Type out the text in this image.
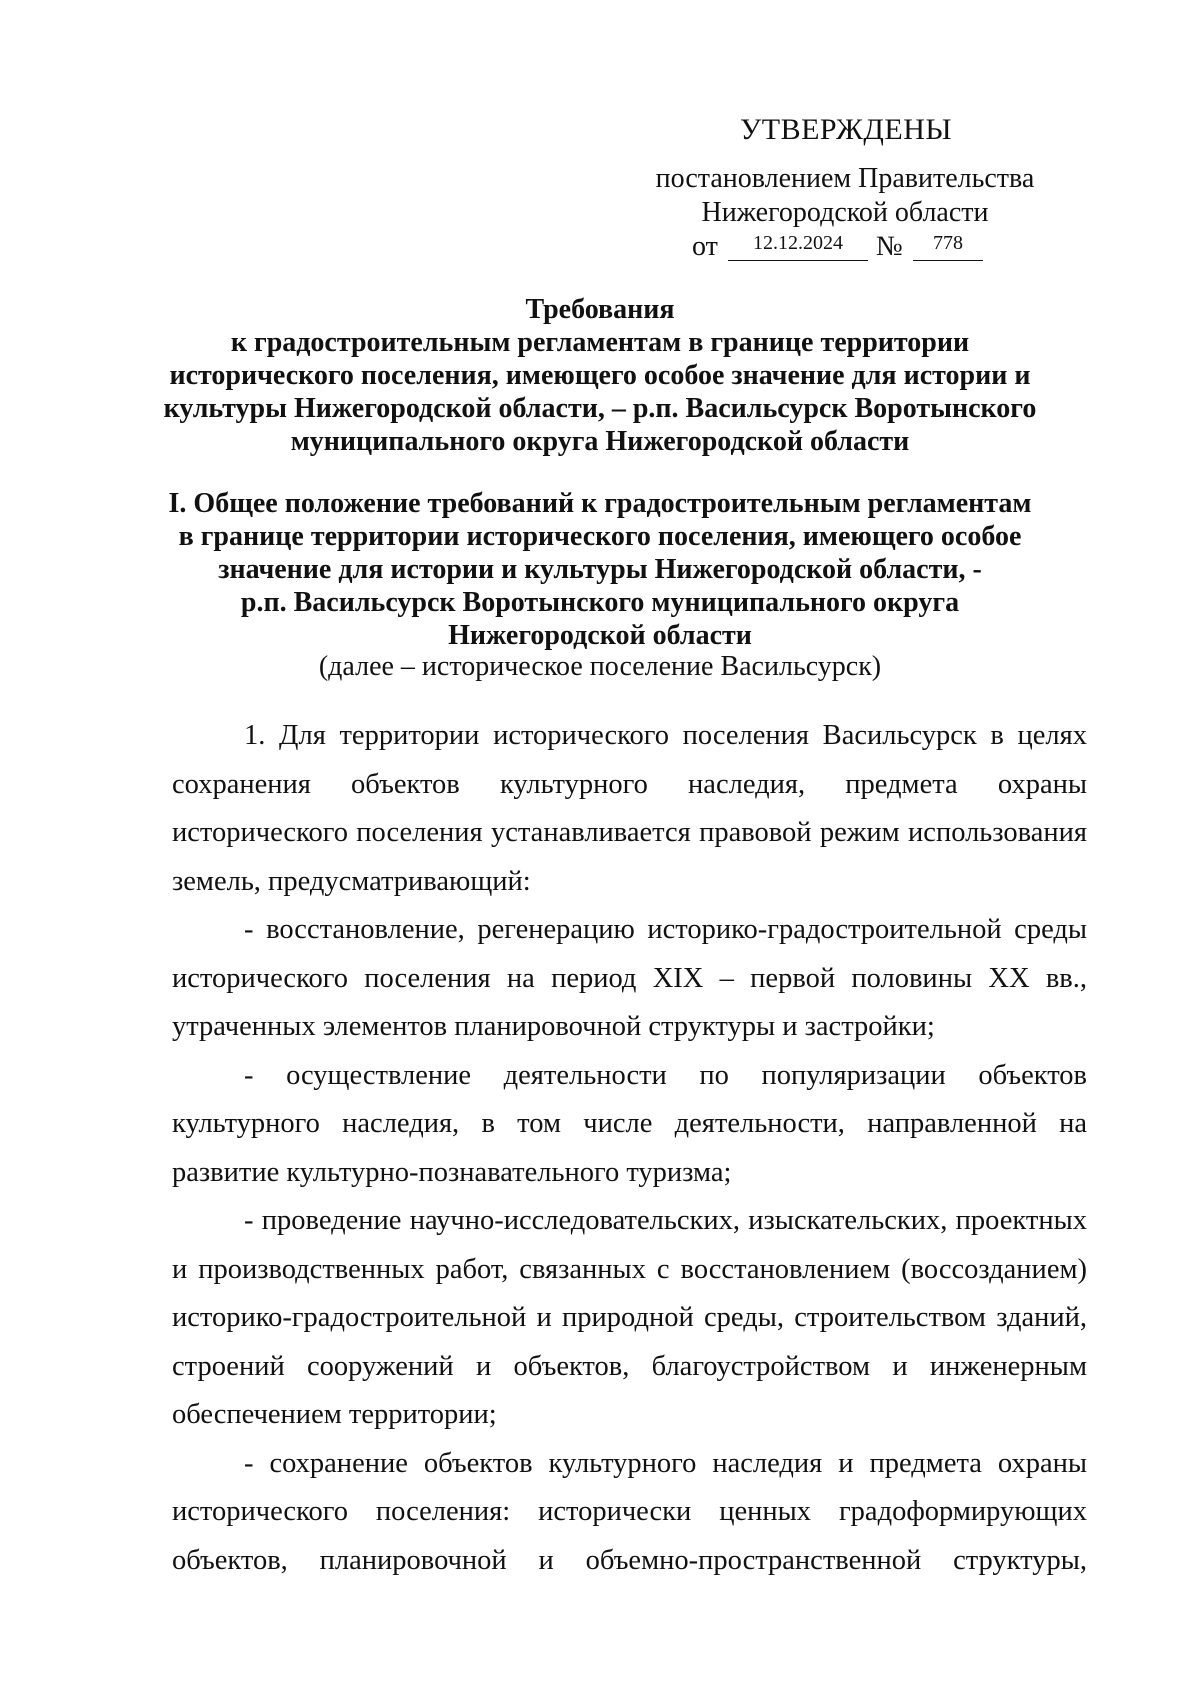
УТВЕРЖДЕНЫ
постановлением Правительства
Нижегородской области
от	12.12.2024	№	778
Требования
к градостроительным регламентам в границе территории
исторического поселения, имеющего особое значение для истории и
культуры Нижегородской области, – р.п. Васильсурск Воротынского
муниципального округа Нижегородской области
I. Общее положение требований к градостроительным регламентам
в границе территории исторического поселения, имеющего особое
значение для истории и культуры Нижегородской области, -
р.п. Васильсурск Воротынского муниципального округа
Нижегородской области
(далее – историческое поселение Васильсурск)
1. Для территории исторического поселения Васильсурск в целях
сохранения объектов культурного наследия, предмета охраны
исторического поселения устанавливается правовой режим использования
земель, предусматривающий:
- восстановление, регенерацию историко-градостроительной среды
исторического поселения на период XIX – первой половины XX вв.,
утраченных элементов планировочной структуры и застройки;
- осуществление деятельности по популяризации объектов
культурного наследия, в том числе деятельности, направленной на
развитие культурно-познавательного туризма;
- проведение научно-исследовательских, изыскательских, проектных
и производственных работ, связанных с восстановлением (воссозданием)
историко-градостроительной и природной среды, строительством зданий,
строений сооружений и объектов, благоустройством и инженерным
обеспечением территории;
- сохранение объектов культурного наследия и предмета охраны
исторического поселения: исторически ценных градоформирующих
объектов, планировочной и объемно-пространственной структуры,
